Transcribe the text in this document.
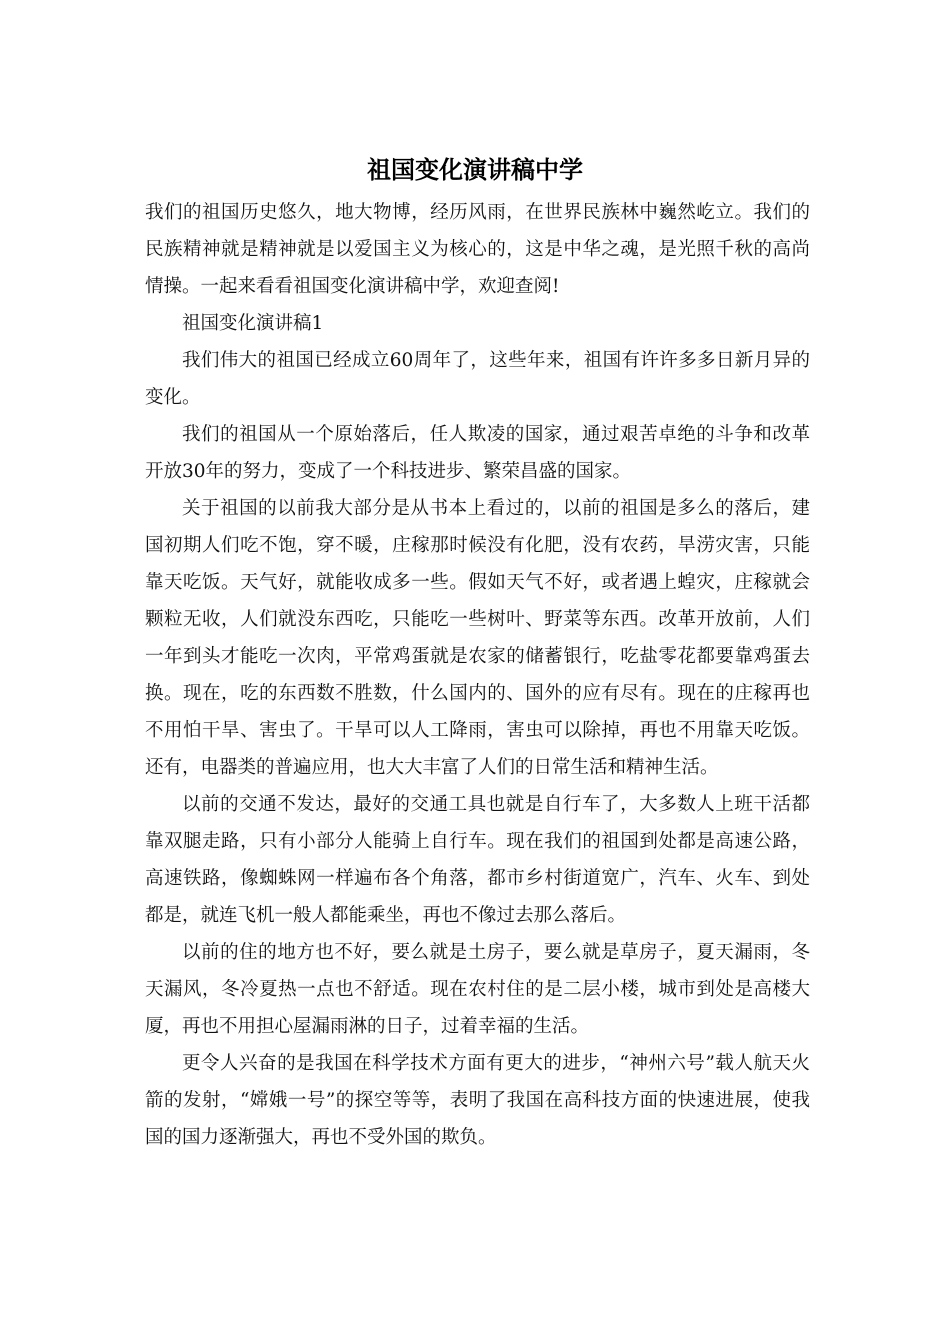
祖国变化演讲稿中学

我们的祖国历史悠久，地大物博，经历风雨，在世界民族林中巍然屹立。我们的民族精神就是精神就是以爱国主义为核心的，这是中华之魂，是光照千秋的高尚情操。一起来看看祖国变化演讲稿中学，欢迎查阅!

祖国变化演讲稿1

我们伟大的祖国已经成立60周年了，这些年来，祖国有许许多多日新月异的变化。

我们的祖国从一个原始落后，任人欺凌的国家，通过艰苦卓绝的斗争和改革开放30年的努力，变成了一个科技进步、繁荣昌盛的国家。

关于祖国的以前我大部分是从书本上看过的，以前的祖国是多么的落后，建国初期人们吃不饱，穿不暖，庄稼那时候没有化肥，没有农药，旱涝灾害，只能靠天吃饭。天气好，就能收成多一些。假如天气不好，或者遇上蝗灾，庄稼就会颗粒无收，人们就没东西吃，只能吃一些树叶、野菜等东西。改革开放前，人们一年到头才能吃一次肉，平常鸡蛋就是农家的储蓄银行，吃盐零花都要靠鸡蛋去换。现在，吃的东西数不胜数，什么国内的、国外的应有尽有。现在的庄稼再也不用怕干旱、害虫了。干旱可以人工降雨，害虫可以除掉，再也不用靠天吃饭。还有，电器类的普遍应用，也大大丰富了人们的日常生活和精神生活。

以前的交通不发达，最好的交通工具也就是自行车了，大多数人上班干活都靠双腿走路，只有小部分人能骑上自行车。现在我们的祖国到处都是高速公路，高速铁路，像蜘蛛网一样遍布各个角落，都市乡村街道宽广，汽车、火车、到处都是，就连飞机一般人都能乘坐，再也不像过去那么落后。

以前的住的地方也不好，要么就是土房子，要么就是草房子，夏天漏雨，冬天漏风，冬冷夏热一点也不舒适。现在农村住的是二层小楼，城市到处是高楼大厦，再也不用担心屋漏雨淋的日子，过着幸福的生活。

更令人兴奋的是我国在科学技术方面有更大的进步，“神州六号”载人航天火箭的发射，“嫦娥一号”的探空等等，表明了我国在高科技方面的快速进展，使我国的国力逐渐强大，再也不受外国的欺负。
